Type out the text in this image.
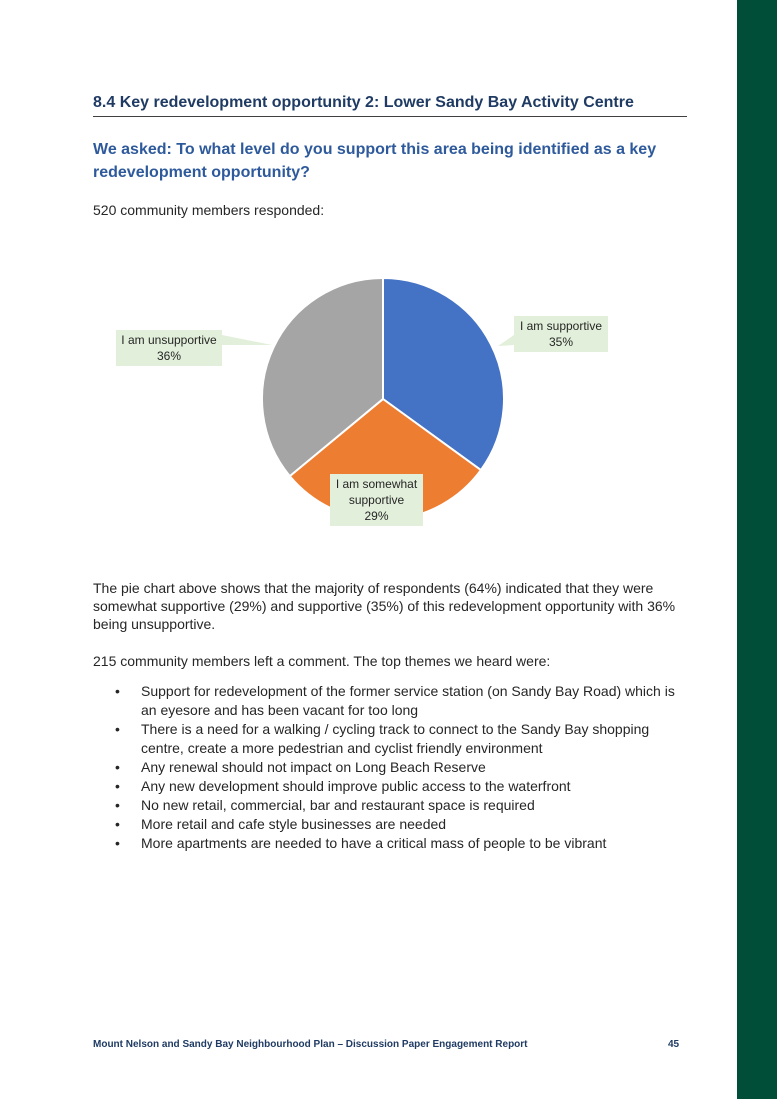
8.4 Key redevelopment opportunity 2: Lower Sandy Bay Activity Centre
We asked: To what level do you support this area being identified as a key redevelopment opportunity?

520 community members responded:

I am supportive 35%
I am somewhat supportive 29%
I am unsupportive 36%

The pie chart above shows that the majority of respondents (64%) indicated that they were somewhat supportive (29%) and supportive (35%) of this redevelopment opportunity with 36% being unsupportive.

215 community members left a comment. The top themes we heard were:

• Support for redevelopment of the former service station (on Sandy Bay Road) which is an eyesore and has been vacant for too long
• There is a need for a walking / cycling track to connect to the Sandy Bay shopping centre, create a more pedestrian and cyclist friendly environment
• Any renewal should not impact on Long Beach Reserve
• Any new development should improve public access to the waterfront
• No new retail, commercial, bar and restaurant space is required
• More retail and cafe style businesses are needed
• More apartments are needed to have a critical mass of people to be vibrant
Mount Nelson and Sandy Bay Neighbourhood Plan – Discussion Paper Engagement Report	45
